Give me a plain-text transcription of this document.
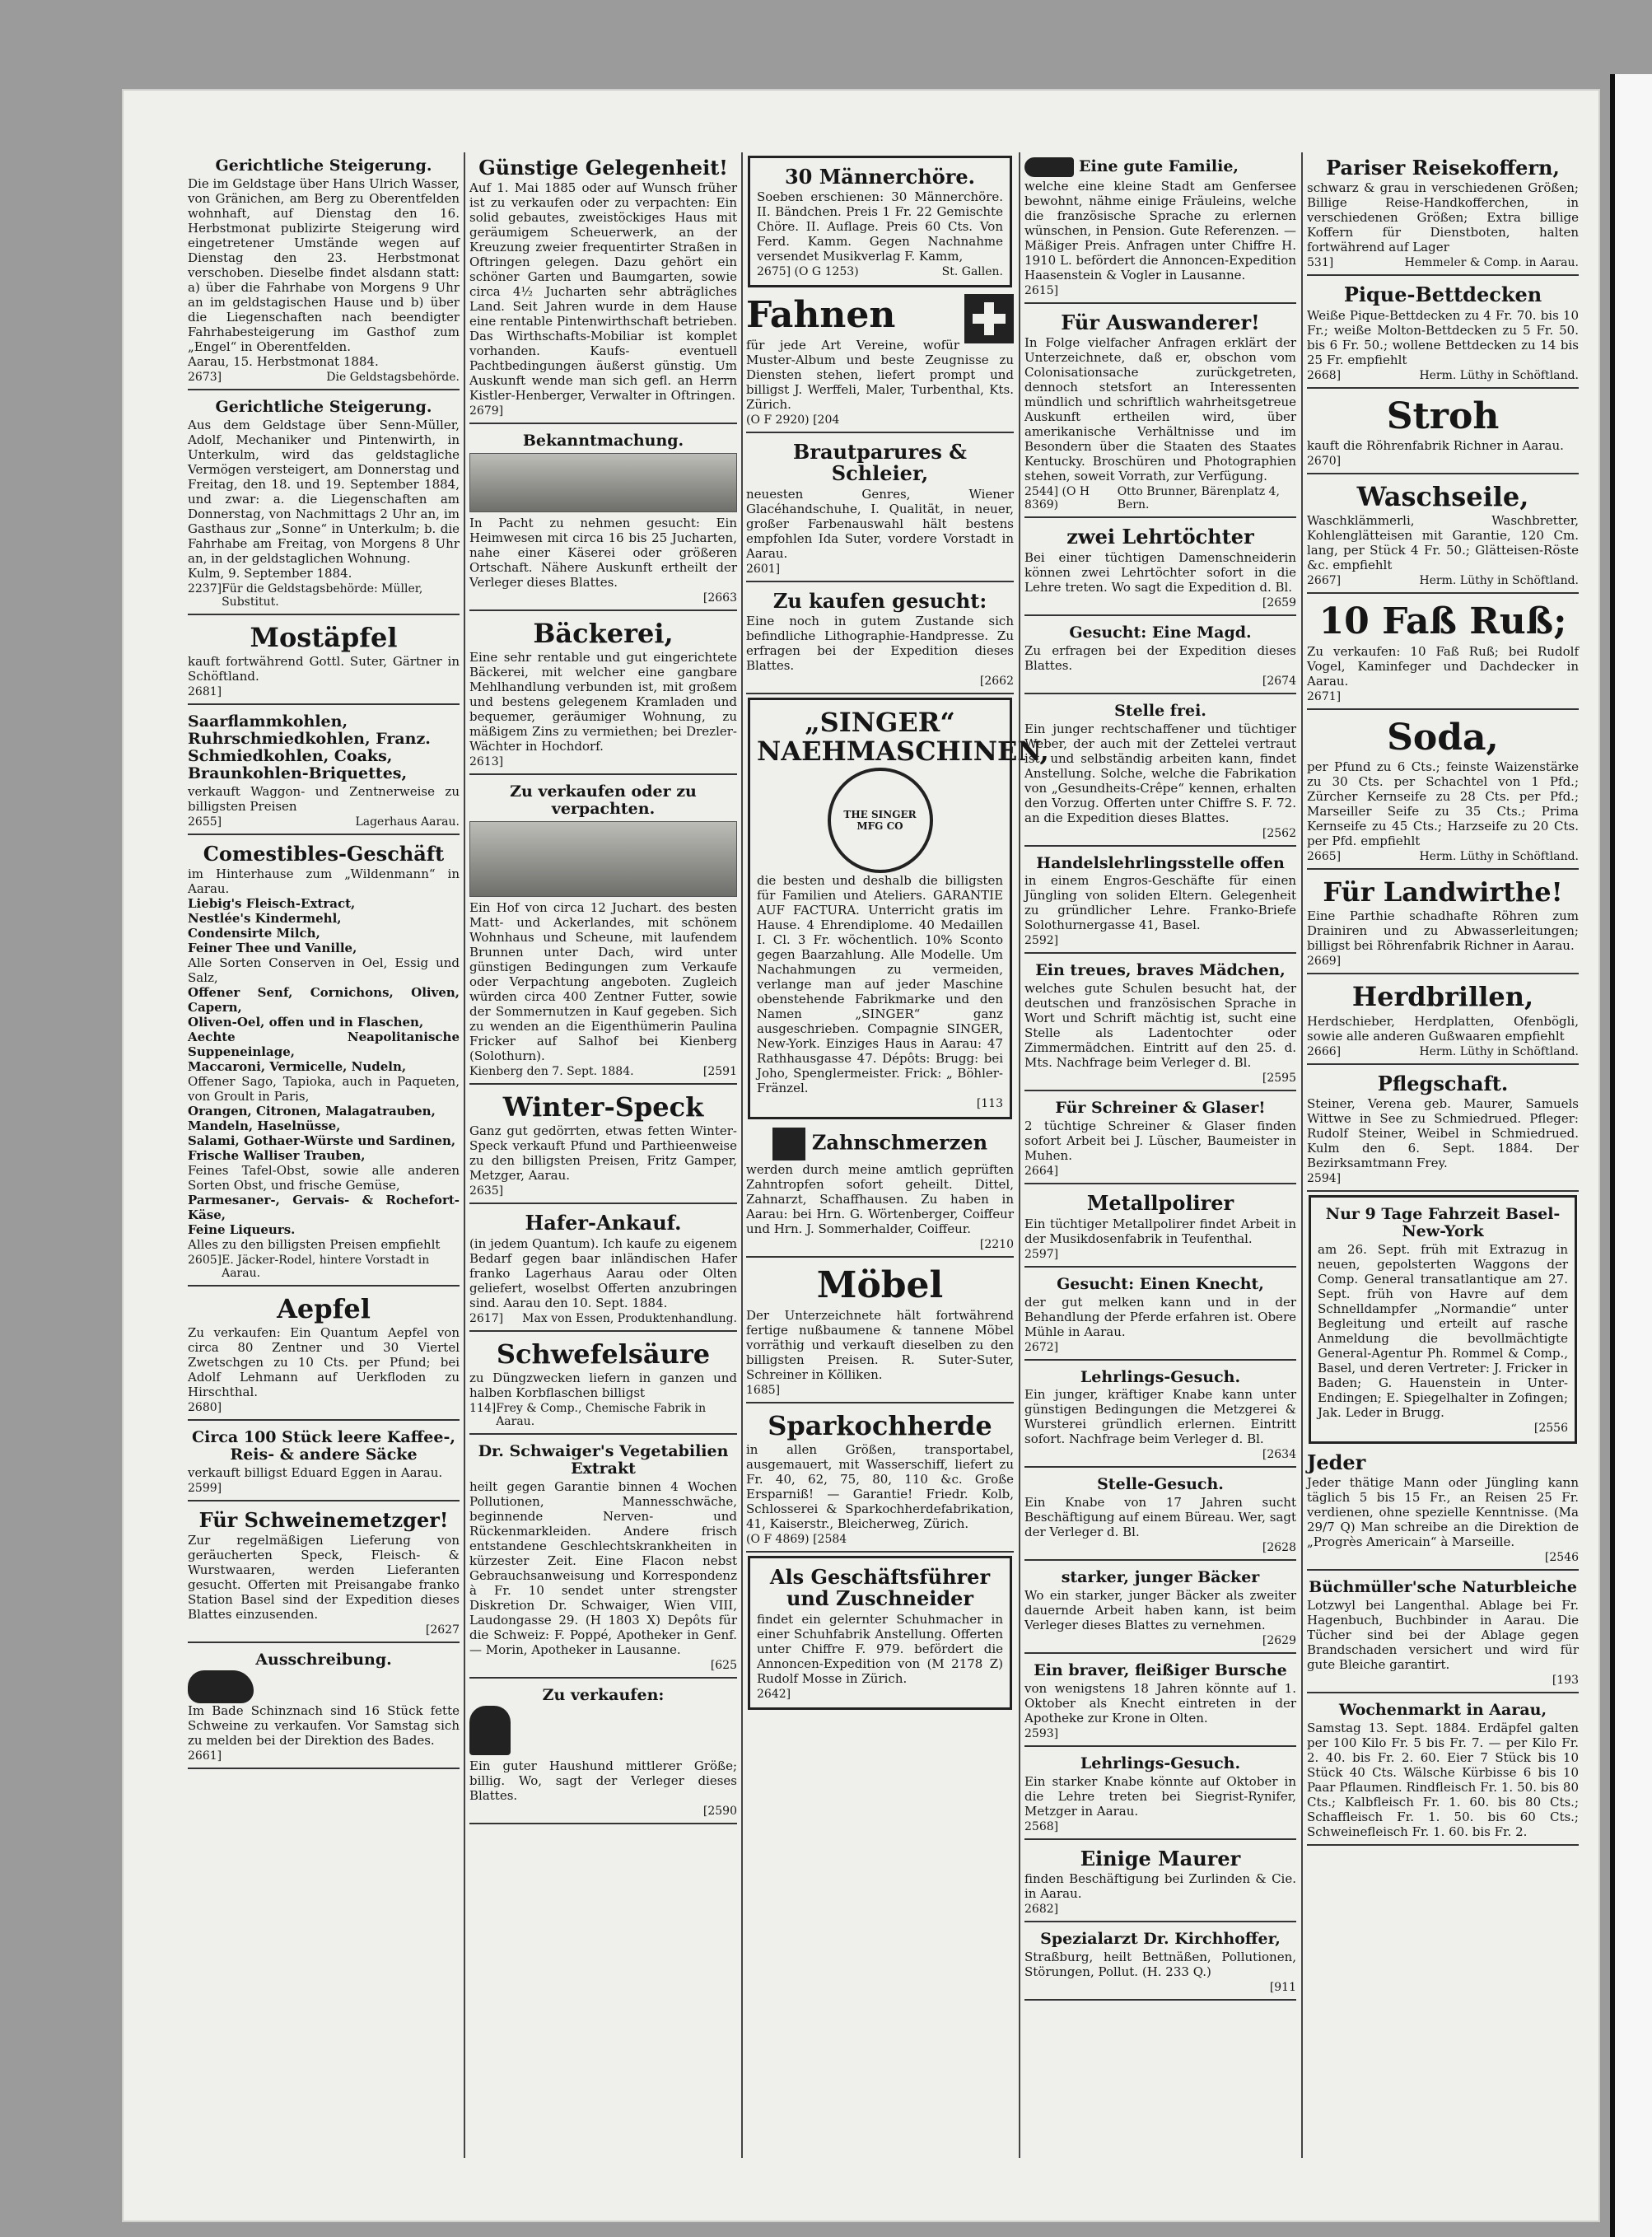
Gerichtliche Steigerung.

Die im Geldstage über Hans Ulrich Wasser, von Gränichen, am Berg zu Oberentfelden wohnhaft, auf Dienstag den 16. Herbstmonat publizirte Steigerung wird eingetretener Umstände wegen auf Dienstag den 23. Herbstmonat verschoben. Dieselbe findet alsdann statt: a) über die Fahrhabe von Morgens 9 Uhr an im geldstagischen Hause und b) über die Liegenschaften nach beendigter Fahrhabesteigerung im Gasthof zum „Engel“ in Oberentfelden.

Aarau, 15. Herbstmonat 1884.

2673]	Die Geldstagsbehörde.
Gerichtliche Steigerung.

Aus dem Geldstage über Senn-Müller, Adolf, Mechaniker und Pintenwirth, in Unterkulm, wird das geldstagliche Vermögen versteigert, am Donnerstag und Freitag, den 18. und 19. September 1884, und zwar: a. die Liegenschaften am Donnerstag, von Nachmittags 2 Uhr an, im Gasthaus zur „Sonne“ in Unterkulm; b. die Fahrhabe am Freitag, von Morgens 8 Uhr an, in der geldstaglichen Wohnung.

Kulm, 9. September 1884.

2237] Für die Geldstagsbehörde: Müller, Substitut.
Mostäpfel

kauft fortwährend Gottl. Suter, Gärtner in Schöftland.

2681]
Saarflammkohlen, Ruhrschmiedkohlen, Franz. Schmiedkohlen, Coaks, Braunkohlen-Briquettes,

verkauft Waggon- und Zentnerweise zu billigsten Preisen

2655]	Lagerhaus Aarau.
Comestibles-Geschäft

im Hinterhause zum „Wildenmann“ in Aarau.

Liebig's Fleisch-Extract,

Nestlée's Kindermehl,

Condensirte Milch,

Feiner Thee und Vanille,

Alle Sorten Conserven in Oel, Essig und Salz,

Offener Senf, Cornichons, Oliven, Capern,

Oliven-Oel, offen und in Flaschen,

Aechte Neapolitanische Suppeneinlage,

Maccaroni, Vermicelle, Nudeln,

Offener Sago, Tapioka, auch in Paqueten, von Groult in Paris,

Orangen, Citronen, Malagatrauben,

Mandeln, Haselnüsse,

Salami, Gothaer-Würste und Sardinen,

Frische Walliser Trauben,

Feines Tafel-Obst, sowie alle anderen Sorten Obst, und frische Gemüse,

Parmesaner-, Gervais- & Rochefort-Käse,

Feine Liqueurs.

Alles zu den billigsten Preisen empfiehlt

2605] E. Jäcker-Rodel, hintere Vorstadt in Aarau.
Aepfel

Zu verkaufen: Ein Quantum Aepfel von circa 80 Zentner und 30 Viertel Zwetschgen zu 10 Cts. per Pfund; bei Adolf Lehmann auf Uerkfloden zu Hirschthal.

2680]
Circa 100 Stück leere Kaffee-, Reis- & andere Säcke

verkauft billigst Eduard Eggen in Aarau.

2599]
Für Schweinemetzger!

Zur regelmäßigen Lieferung von geräucherten Speck, Fleisch- & Wurstwaaren, werden Lieferanten gesucht. Offerten mit Preisangabe franko Station Basel sind der Expedition dieses Blattes einzusenden.

[2627
Ausschreibung.

Im Bade Schinznach sind 16 Stück fette Schweine zu verkaufen. Vor Samstag sich zu melden bei der Direktion des Bades.

2661]
Günstige Gelegenheit!

Auf 1. Mai 1885 oder auf Wunsch früher ist zu verkaufen oder zu verpachten: Ein solid gebautes, zweistöckiges Haus mit geräumigem Scheuerwerk, an der Kreuzung zweier frequentirter Straßen in Oftringen gelegen. Dazu gehört ein schöner Garten und Baumgarten, sowie circa 4½ Jucharten sehr abträgliches Land. Seit Jahren wurde in dem Hause eine rentable Pintenwirthschaft betrieben. Das Wirthschafts-Mobiliar ist komplet vorhanden. Kaufs- eventuell Pachtbedingungen äußerst günstig. Um Auskunft wende man sich gefl. an Herrn Kistler-Henberger, Verwalter in Oftringen.

2679]
Bekanntmachung.

In Pacht zu nehmen gesucht: Ein Heimwesen mit circa 16 bis 25 Jucharten, nahe einer Käserei oder größeren Ortschaft. Nähere Auskunft ertheilt der Verleger dieses Blattes.

[2663
Bäckerei,

Eine sehr rentable und gut eingerichtete Bäckerei, mit welcher eine gangbare Mehlhandlung verbunden ist, mit großem und bestens gelegenem Kramladen und bequemer, geräumiger Wohnung, zu mäßigem Zins zu vermiethen; bei Drezler-Wächter in Hochdorf.

2613]
Zu verkaufen oder zu verpachten.

Ein Hof von circa 12 Juchart. des besten Matt- und Ackerlandes, mit schönem Wohnhaus und Scheune, mit laufendem Brunnen unter Dach, wird unter günstigen Bedingungen zum Verkaufe oder Verpachtung angeboten. Zugleich würden circa 400 Zentner Futter, sowie der Sommernutzen in Kauf gegeben. Sich zu wenden an die Eigenthümerin Paulina Fricker auf Salhof bei Kienberg (Solothurn).

Kienberg den 7. Sept. 1884.	[2591
Winter-Speck

Ganz gut gedörrten, etwas fetten Winter-Speck verkauft Pfund und Parthieenweise zu den billigsten Preisen, Fritz Gamper, Metzger, Aarau.

2635]
Hafer-Ankauf.

(in jedem Quantum). Ich kaufe zu eigenem Bedarf gegen baar inländischen Hafer franko Lagerhaus Aarau oder Olten geliefert, woselbst Offerten anzubringen sind. Aarau den 10. Sept. 1884.

2617] Max von Essen, Produktenhandlung.
Schwefelsäure

zu Düngzwecken liefern in ganzen und halben Korbflaschen billigst

114] Frey & Comp., Chemische Fabrik in Aarau.
Dr. Schwaiger's Vegetabilien Extrakt

heilt gegen Garantie binnen 4 Wochen Pollutionen, Mannesschwäche, beginnende Nerven- und Rückenmarkleiden. Andere frisch entstandene Geschlechtskrankheiten in kürzester Zeit. Eine Flacon nebst Gebrauchsanweisung und Korrespondenz à Fr. 10 sendet unter strengster Diskretion Dr. Schwaiger, Wien VIII, Laudongasse 29. (H 1803 X) Depôts für die Schweiz: F. Poppé, Apotheker in Genf. — Morin, Apotheker in Lausanne.

[625
Zu verkaufen:

Ein guter Haushund mittlerer Größe; billig. Wo, sagt der Verleger dieses Blattes.

[2590
30 Männerchöre.

Soeben erschienen: 30 Männerchöre. II. Bändchen. Preis 1 Fr. 22 Gemischte Chöre. II. Auflage. Preis 60 Cts. Von Ferd. Kamm. Gegen Nachnahme versendet Musikverlag F. Kamm,

2675] (O G 1253)	St. Gallen.
Fahnen

für jede Art Vereine, wofür Muster-Album und beste Zeugnisse zu Diensten stehen, liefert prompt und billigst J. Werffeli, Maler, Turbenthal, Kts. Zürich.

(O F 2920) [204
Brautparures & Schleier,

neuesten Genres, Wiener Glacéhandschuhe, I. Qualität, in neuer, großer Farbenauswahl hält bestens empfohlen Ida Suter, vordere Vorstadt in Aarau.

2601]
Zu kaufen gesucht:

Eine noch in gutem Zustande sich befindliche Lithographie-Handpresse. Zu erfragen bei der Expedition dieses Blattes.

[2662
„SINGER“ NAEHMASCHINEN,
THE SINGER MFG CO

die besten und deshalb die billigsten für Familien und Ateliers. GARANTIE AUF FACTURA. Unterricht gratis im Hause. 4 Ehrendiplome. 40 Medaillen I. Cl. 3 Fr. wöchentlich. 10% Sconto gegen Baarzahlung. Alle Modelle. Um Nachahmungen zu vermeiden, verlange man auf jeder Maschine obenstehende Fabrikmarke und den Namen „SINGER“ ganz ausgeschrieben. Compagnie SINGER, New-York. Einziges Haus in Aarau: 47 Rathhausgasse 47. Dépôts: Brugg: bei Joho, Spenglermeister. Frick: „ Böhler-Fränzel.

[113
Zahnschmerzen

werden durch meine amtlich geprüften Zahntropfen sofort geheilt. Dittel, Zahnarzt, Schaffhausen. Zu haben in Aarau: bei Hrn. G. Wörtenberger, Coiffeur und Hrn. J. Sommerhalder, Coiffeur.

[2210
Möbel

Der Unterzeichnete hält fortwährend fertige nußbaumene & tannene Möbel vorräthig und verkauft dieselben zu den billigsten Preisen. R. Suter-Suter, Schreiner in Kölliken.

1685]
Sparkochherde

in allen Größen, transportabel, ausgemauert, mit Wasserschiff, liefert zu Fr. 40, 62, 75, 80, 110 &c. Große Ersparniß! — Garantie! Friedr. Kolb, Schlosserei & Sparkochherdefabrikation, 41, Kaiserstr., Bleicherweg, Zürich.

(O F 4869) [2584
Als Geschäftsführer und Zuschneider

findet ein gelernter Schuhmacher in einer Schuhfabrik Anstellung. Offerten unter Chiffre F. 979. befördert die Annoncen-Expedition von (M 2178 Z) Rudolf Mosse in Zürich.

2642]
Eine gute Familie,

welche eine kleine Stadt am Genfersee bewohnt, nähme einige Fräuleins, welche die französische Sprache zu erlernen wünschen, in Pension. Gute Referenzen. — Mäßiger Preis. Anfragen unter Chiffre H. 1910 L. befördert die Annoncen-Expedition Haasenstein & Vogler in Lausanne.

2615]
Für Auswanderer!

In Folge vielfacher Anfragen erklärt der Unterzeichnete, daß er, obschon vom Colonisationsache zurückgetreten, dennoch stetsfort an Interessenten mündlich und schriftlich wahrheitsgetreue Auskunft ertheilen wird, über amerikanische Verhältnisse und im Besondern über die Staaten des Staates Kentucky. Broschüren und Photographien stehen, soweit Vorrath, zur Verfügung.

2544] (O H 8369)
Otto Brunner, Bärenplatz 4, Bern.
zwei Lehrtöchter

Bei einer tüchtigen Damenschneiderin können zwei Lehrtöchter sofort in die Lehre treten. Wo sagt die Expedition d. Bl.

[2659
Gesucht: Eine Magd.

Zu erfragen bei der Expedition dieses Blattes.

[2674
Stelle frei.

Ein junger rechtschaffener und tüchtiger Weber, der auch mit der Zettelei vertraut ist, und selbständig arbeiten kann, findet Anstellung. Solche, welche die Fabrikation von „Gesundheits-Crêpe“ kennen, erhalten den Vorzug. Offerten unter Chiffre S. F. 72. an die Expedition dieses Blattes.

[2562
Handelslehrlingsstelle offen

in einem Engros-Geschäfte für einen Jüngling von soliden Eltern. Gelegenheit zu gründlicher Lehre. Franko-Briefe Solothurnergasse 41, Basel.

2592]
Ein treues, braves Mädchen,

welches gute Schulen besucht hat, der deutschen und französischen Sprache in Wort und Schrift mächtig ist, sucht eine Stelle als Ladentochter oder Zimmermädchen. Eintritt auf den 25. d. Mts. Nachfrage beim Verleger d. Bl.

[2595
Für Schreiner & Glaser!

2 tüchtige Schreiner & Glaser finden sofort Arbeit bei J. Lüscher, Baumeister in Muhen.

2664]
Metallpolirer

Ein tüchtiger Metallpolirer findet Arbeit in der Musikdosenfabrik in Teufenthal.

2597]
Gesucht: Einen Knecht,

der gut melken kann und in der Behandlung der Pferde erfahren ist. Obere Mühle in Aarau.

2672]
Lehrlings-Gesuch.

Ein junger, kräftiger Knabe kann unter günstigen Bedingungen die Metzgerei & Wursterei gründlich erlernen. Eintritt sofort. Nachfrage beim Verleger d. Bl.

[2634
Stelle-Gesuch.

Ein Knabe von 17 Jahren sucht Beschäftigung auf einem Büreau. Wer, sagt der Verleger d. Bl.

[2628
starker, junger Bäcker

Wo ein starker, junger Bäcker als zweiter dauernde Arbeit haben kann, ist beim Verleger dieses Blattes zu vernehmen.

[2629
Ein braver, fleißiger Bursche

von wenigstens 18 Jahren könnte auf 1. Oktober als Knecht eintreten in der Apotheke zur Krone in Olten.

2593]
Lehrlings-Gesuch.

Ein starker Knabe könnte auf Oktober in die Lehre treten bei Siegrist-Rynifer, Metzger in Aarau.

2568]
Einige Maurer

finden Beschäftigung bei Zurlinden & Cie. in Aarau.

2682]
Spezialarzt Dr. Kirchhoffer,

Straßburg, heilt Bettnäßen, Pollutionen, Störungen, Pollut. (H. 233 Q.)

[911
Pariser Reisekoffern,

schwarz & grau in verschiedenen Größen; Billige Reise-Handkofferchen, in verschiedenen Größen; Extra billige Koffern für Dienstboten, halten fortwährend auf Lager

531]	Hemmeler & Comp. in Aarau.
Pique-Bettdecken

Weiße Pique-Bettdecken zu 4 Fr. 70. bis 10 Fr.; weiße Molton-Bettdecken zu 5 Fr. 50. bis 6 Fr. 50.; wollene Bettdecken zu 14 bis 25 Fr. empfiehlt

2668]	Herm. Lüthy in Schöftland.
Stroh

kauft die Röhrenfabrik Richner in Aarau.

2670]
Waschseile,

Waschklämmerli, Waschbretter, Kohlenglätteisen mit Garantie, 120 Cm. lang, per Stück 4 Fr. 50.; Glätteisen-Röste &c. empfiehlt

2667]	Herm. Lüthy in Schöftland.
10 Faß Ruß;

Zu verkaufen: 10 Faß Ruß; bei Rudolf Vogel, Kaminfeger und Dachdecker in Aarau.

2671]
Soda,

per Pfund zu 6 Cts.; feinste Waizenstärke zu 30 Cts. per Schachtel von 1 Pfd.; Zürcher Kernseife zu 28 Cts. per Pfd.; Marseiller Seife zu 35 Cts.; Prima Kernseife zu 45 Cts.; Harzseife zu 20 Cts. per Pfd. empfiehlt

2665]	Herm. Lüthy in Schöftland.
Für Landwirthe!

Eine Parthie schadhafte Röhren zum Drainiren und zu Abwasserleitungen; billigst bei Röhrenfabrik Richner in Aarau.

2669]
Herdbrillen,

Herdschieber, Herdplatten, Ofenbögli, sowie alle anderen Gußwaaren empfiehlt

2666]	Herm. Lüthy in Schöftland.
Pflegschaft.

Steiner, Verena geb. Maurer, Samuels Wittwe in See zu Schmiedrued. Pfleger: Rudolf Steiner, Weibel in Schmiedrued. Kulm den 6. Sept. 1884. Der Bezirksamtmann Frey.

2594]
Nur 9 Tage Fahrzeit Basel-New-York

am 26. Sept. früh mit Extrazug in neuen, gepolsterten Waggons der Comp. General transatlantique am 27. Sept. früh von Havre auf dem Schnelldampfer „Normandie“ unter Begleitung und erteilt auf rasche Anmeldung die bevollmächtigte General-Agentur Ph. Rommel & Comp., Basel, und deren Vertreter: J. Fricker in Baden; G. Hauenstein in Unter-Endingen; E. Spiegelhalter in Zofingen; Jak. Leder in Brugg.

[2556
Jeder

Jeder thätige Mann oder Jüngling kann täglich 5 bis 15 Fr., an Reisen 25 Fr. verdienen, ohne spezielle Kenntnisse. (Ma 29/7 Q) Man schreibe an die Direktion de „Progrès Americain“ à Marseille.

[2546
Büchmüller'sche Naturbleiche

Lotzwyl bei Langenthal. Ablage bei Fr. Hagenbuch, Buchbinder in Aarau. Die Tücher sind bei der Ablage gegen Brandschaden versichert und wird für gute Bleiche garantirt.

[193
Wochenmarkt in Aarau,

Samstag 13. Sept. 1884. Erdäpfel galten per 100 Kilo Fr. 5 bis Fr. 7. — per Kilo Fr. 2. 40. bis Fr. 2. 60. Eier 7 Stück bis 10 Stück 40 Cts. Wälsche Kürbisse 6 bis 10 Paar Pflaumen. Rindfleisch Fr. 1. 50. bis 80 Cts.; Kalbfleisch Fr. 1. 60. bis 80 Cts.; Schaffleisch Fr. 1. 50. bis 60 Cts.; Schweinefleisch Fr. 1. 60. bis Fr. 2.
